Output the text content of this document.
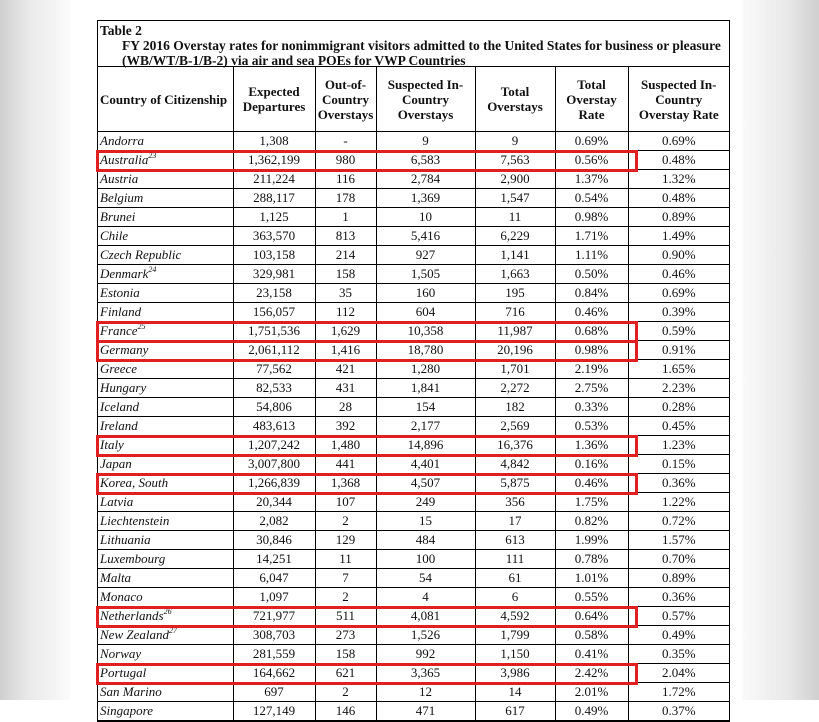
Table 2
FY 2016 Overstay rates for nonimmigrant visitors admitted to the United States for business or pleasure (WB/WT/B-1/B-2) via air and sea POEs for VWP Countries
Country of Citizenship	Expected Departures	Out-of-Country Overstays	Suspected In-Country Overstays	Total Overstays	Total Overstay Rate	Suspected In-Country Overstay Rate
Andorra	1,308	-	9	9	0.69%	0.69%
Australia$^{23}$	1,362,199	980	6,583	7,563	0.56%	0.48%
Austria	211,224	116	2,784	2,900	1.37%	1.32%
Belgium	288,117	178	1,369	1,547	0.54%	0.48%
Brunei	1,125	1	10	11	0.98%	0.89%
Chile	363,570	813	5,416	6,229	1.71%	1.49%
Czech Republic	103,158	214	927	1,141	1.11%	0.90%
Denmark$^{24}$	329,981	158	1,505	1,663	0.50%	0.46%
Estonia	23,158	35	160	195	0.84%	0.69%
Finland	156,057	112	604	716	0.46%	0.39%
France$^{25}$	1,751,536	1,629	10,358	11,987	0.68%	0.59%
Germany	2,061,112	1,416	18,780	20,196	0.98%	0.91%
Greece	77,562	421	1,280	1,701	2.19%	1.65%
Hungary	82,533	431	1,841	2,272	2.75%	2.23%
Iceland	54,806	28	154	182	0.33%	0.28%
Ireland	483,613	392	2,177	2,569	0.53%	0.45%
Italy	1,207,242	1,480	14,896	16,376	1.36%	1.23%
Japan	3,007,800	441	4,401	4,842	0.16%	0.15%
Korea, South	1,266,839	1,368	4,507	5,875	0.46%	0.36%
Latvia	20,344	107	249	356	1.75%	1.22%
Liechtenstein	2,082	2	15	17	0.82%	0.72%
Lithuania	30,846	129	484	613	1.99%	1.57%
Luxembourg	14,251	11	100	111	0.78%	0.70%
Malta	6,047	7	54	61	1.01%	0.89%
Monaco	1,097	2	4	6	0.55%	0.36%
Netherlands$^{26}$	721,977	511	4,081	4,592	0.64%	0.57%
New Zealand$^{27}$	308,703	273	1,526	1,799	0.58%	0.49%
Norway	281,559	158	992	1,150	0.41%	0.35%
Portugal	164,662	621	3,365	3,986	2.42%	2.04%
San Marino	697	2	12	14	2.01%	1.72%
Singapore	127,149	146	471	617	0.49%	0.37%
